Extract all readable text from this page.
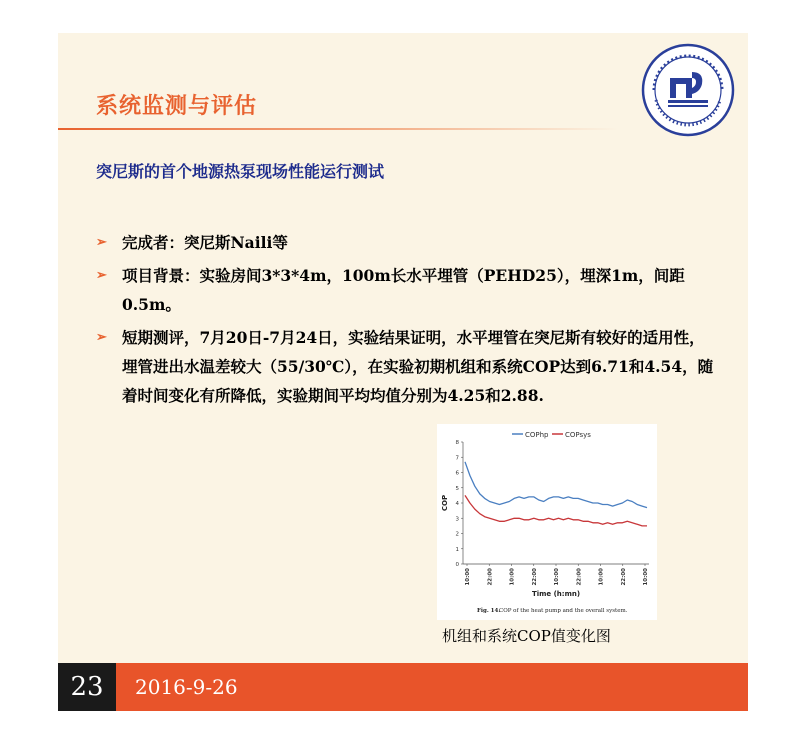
系统监测与评估
突尼斯的首个地源热泵现场性能运行测试
➢ 完成者：突尼斯Naili等
➢ 项目背景：实验房间3*3*4m，100m长水平埋管（PEHD25），埋深1m，间距0.5m。
➢ 短期测评，7月20日-7月24日，实验结果证明，水平埋管在突尼斯有较好的适用性，埋管进出水温差较大（55/30℃），在实验初期机组和系统COP达到6.71和4.54，随着时间变化有所降低，实验期间平均均值分别为4.25和2.88.
COPhp COPsys
0
1
2
3
4
5
6
7
8
10:00	22:00	10:00	22:00	10:00	22:00	10:00	22:00	10:00
COP
Time (h:mn)
Fig. 14.
COP of the heat pump and the overall system.
机组和系统COP值变化图
23	2016-9-26
